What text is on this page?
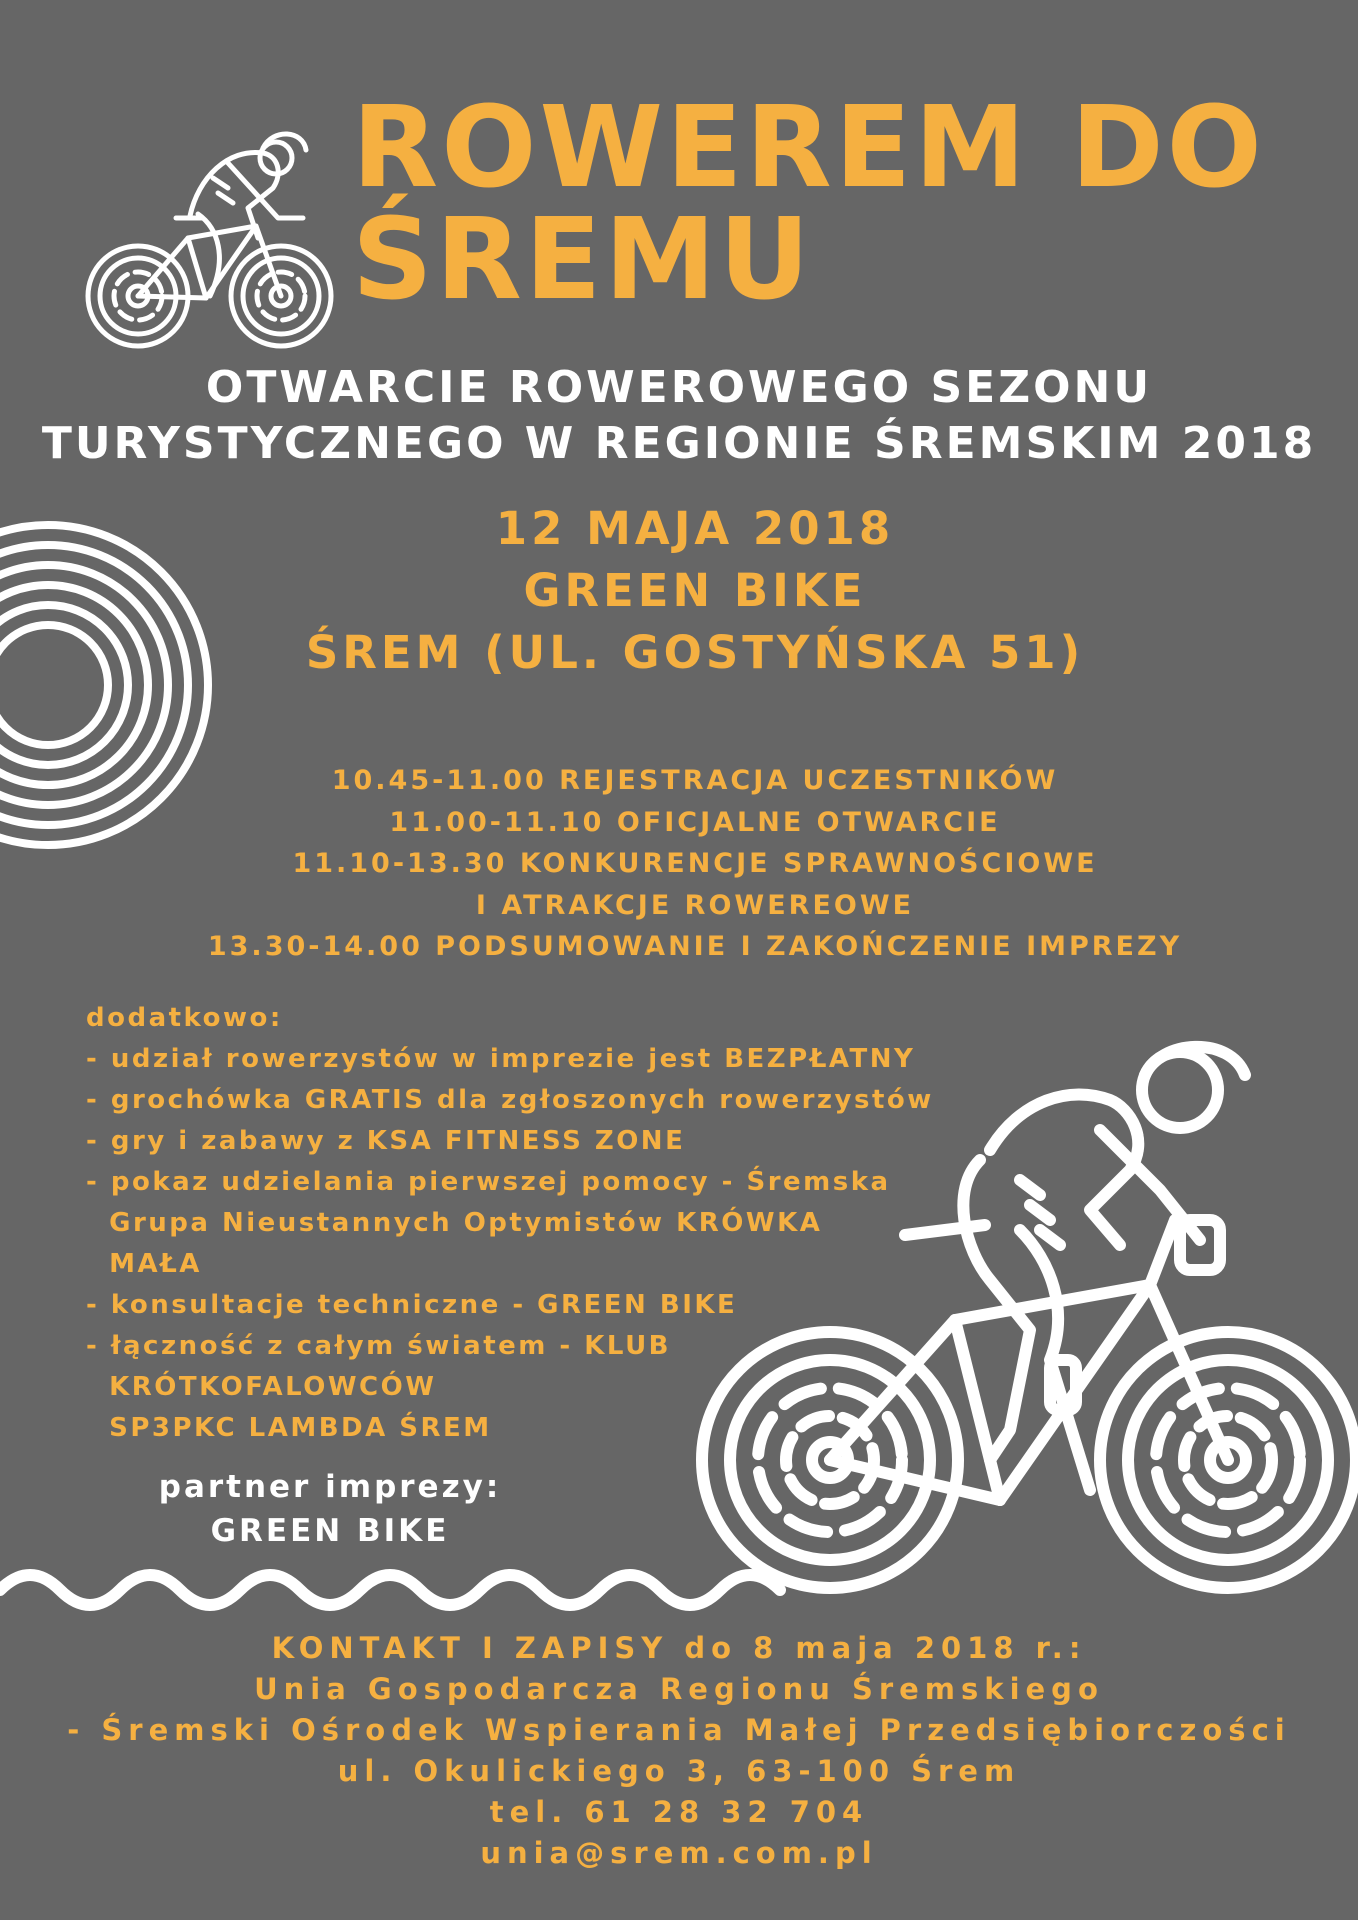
ROWEREM DO
ŚREMU
OTWARCIE ROWEROWEGO SEZONU
TURYSTYCZNEGO W REGIONIE ŚREMSKIM 2018
12 MAJA 2018
GREEN BIKE
ŚREM (UL. GOSTYŃSKA 51)
10.45-11.00 REJESTRACJA UCZESTNIKÓW
11.00-11.10 OFICJALNE OTWARCIE
11.10-13.30 KONKURENCJE SPRAWNOŚCIOWE
I ATRAKCJE ROWEREOWE
13.30-14.00 PODSUMOWANIE I ZAKOŃCZENIE IMPREZY
dodatkowo:
- udział rowerzystów w imprezie jest BEZPŁATNY
- grochówka GRATIS dla zgłoszonych rowerzystów
- gry i zabawy z KSA FITNESS ZONE
- pokaz udzielania pierwszej pomocy - Śremska
Grupa Nieustannych Optymistów KRÓWKA
MAŁA
- konsultacje techniczne - GREEN BIKE
- łączność z całym światem - KLUB
KRÓTKOFALOWCÓW
SP3PKC LAMBDA ŚREM
partner imprezy:
GREEN BIKE
KONTAKT I ZAPISY do 8 maja 2018 r.:
Unia Gospodarcza Regionu Śremskiego
- Śremski Ośrodek Wspierania Małej Przedsiębiorczości
ul. Okulickiego 3, 63-100 Śrem
tel. 61 28 32 704
unia@srem.com.pl
